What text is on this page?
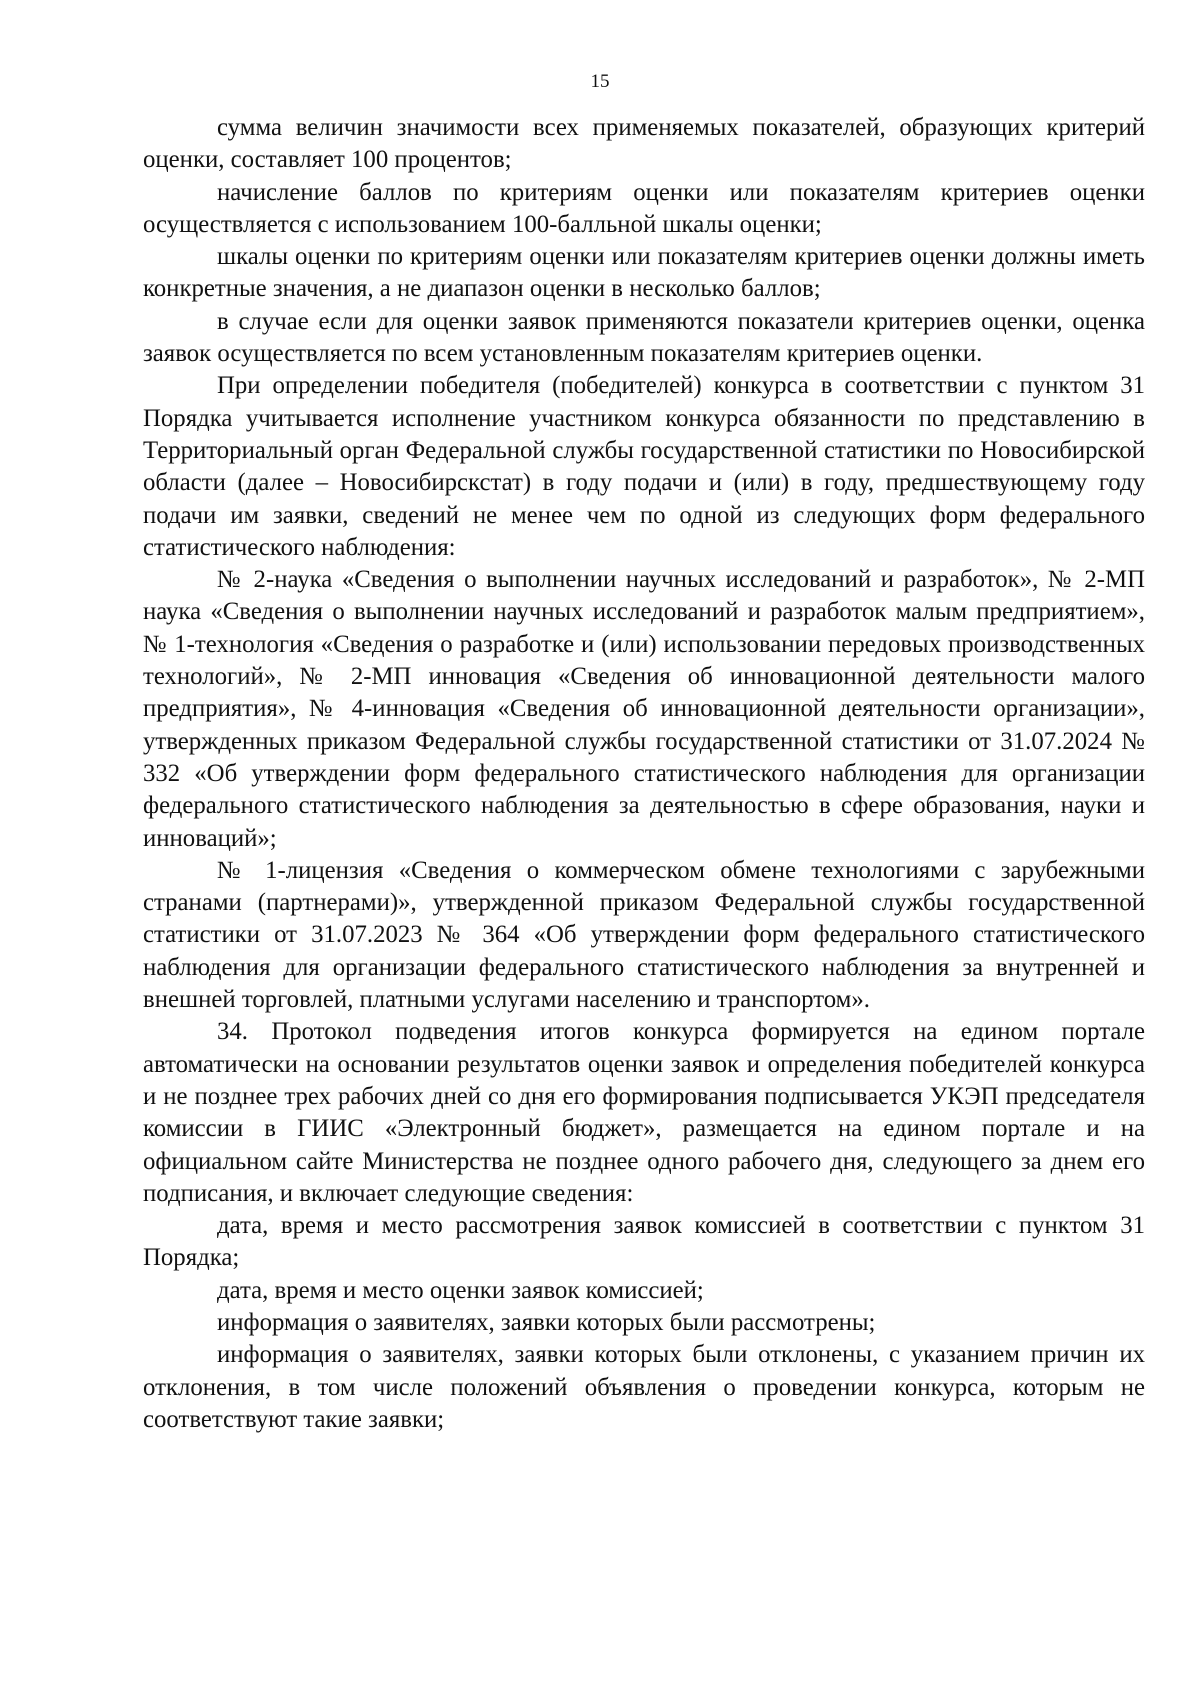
15

сумма величин значимости всех применяемых показателей, образующих критерий оценки, составляет 100 процентов;

начисление баллов по критериям оценки или показателям критериев оценки осуществляется с использованием 100-балльной шкалы оценки;

шкалы оценки по критериям оценки или показателям критериев оценки должны иметь конкретные значения, а не диапазон оценки в несколько баллов;

в случае если для оценки заявок применяются показатели критериев оценки, оценка заявок осуществляется по всем установленным показателям критериев оценки.

При определении победителя (победителей) конкурса в соответствии с пунктом 31 Порядка учитывается исполнение участником конкурса обязанности по представлению в Территориальный орган Федеральной службы государственной статистики по Новосибирской области (далее – Новосибирскстат) в году подачи и (или) в году, предшествующему году подачи им заявки, сведений не менее чем по одной из следующих форм федерального статистического наблюдения:

№ 2-наука «Сведения о выполнении научных исследований и разработок», № 2-МП наука «Сведения о выполнении научных исследований и разработок малым предприятием», № 1-технология «Сведения о разработке и (или) использовании передовых производственных технологий», № 2-МП инновация «Сведения об инновационной деятельности малого предприятия», № 4-инновация «Сведения об инновационной деятельности организации», утвержденных приказом Федеральной службы государственной статистики от 31.07.2024 № 332 «Об утверждении форм федерального статистического наблюдения для организации федерального статистического наблюдения за деятельностью в сфере образования, науки и инноваций»;

№ 1-лицензия «Сведения о коммерческом обмене технологиями с зарубежными странами (партнерами)», утвержденной приказом Федеральной службы государственной статистики от 31.07.2023 № 364 «Об утверждении форм федерального статистического наблюдения для организации федерального статистического наблюдения за внутренней и внешней торговлей, платными услугами населению и транспортом».

34. Протокол подведения итогов конкурса формируется на едином портале автоматически на основании результатов оценки заявок и определения победителей конкурса и не позднее трех рабочих дней со дня его формирования подписывается УКЭП председателя комиссии в ГИИС «Электронный бюджет», размещается на едином портале и на официальном сайте Министерства не позднее одного рабочего дня, следующего за днем его подписания, и включает следующие сведения:

дата, время и место рассмотрения заявок комиссией в соответствии с пунктом 31 Порядка;

дата, время и место оценки заявок комиссией;

информация о заявителях, заявки которых были рассмотрены;

информация о заявителях, заявки которых были отклонены, с указанием причин их отклонения, в том числе положений объявления о проведении конкурса, которым не соответствуют такие заявки;
